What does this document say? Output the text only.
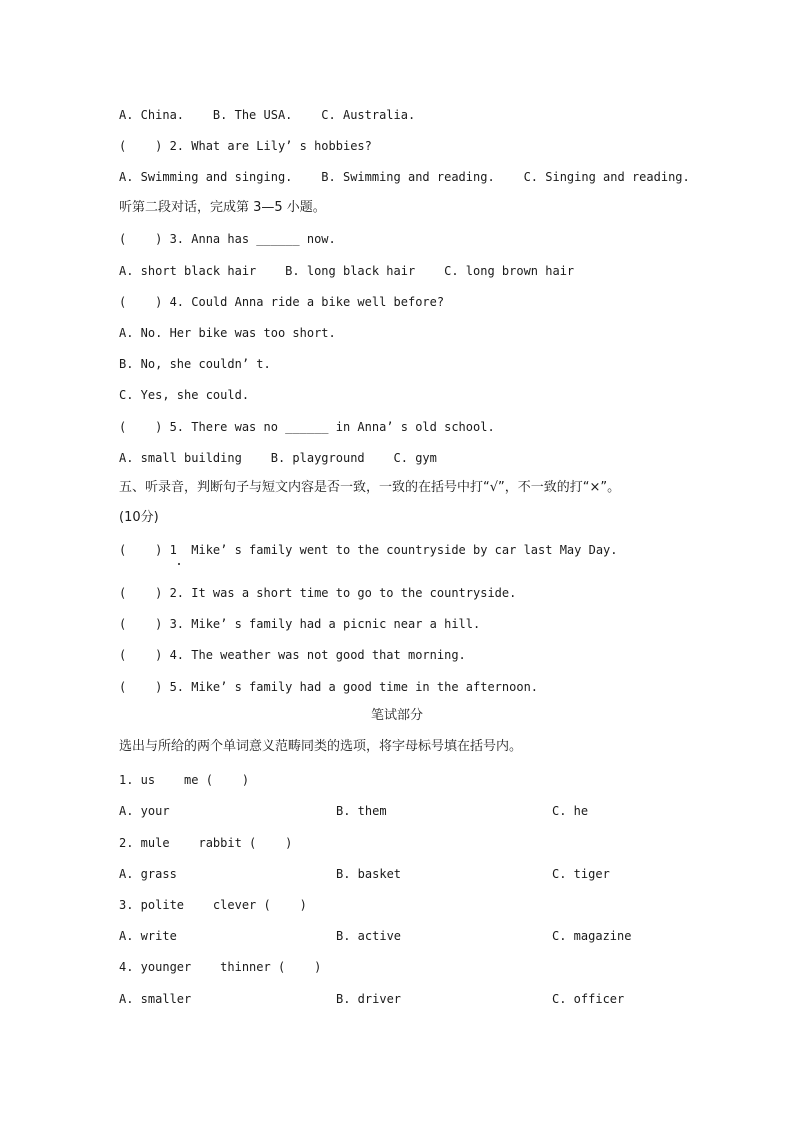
A. China.    B. The USA.    C. Australia.
(    ) 2. What are Lily’ s hobbies?
A. Swimming and singing.    B. Swimming and reading.    C. Singing and reading.
听第二段对话，完成第 3—5 小题。
(    ) 3. Anna has ______ now.
A. short black hair    B. long black hair    C. long brown hair
(    ) 4. Could Anna ride a bike well before?
A. No. Her bike was too short.
B. No, she couldn’ t.
C. Yes, she could.
(    ) 5. There was no ______ in Anna’ s old school.
A. small building    B. playground    C. gym
五、听录音，判断句子与短文内容是否一致，一致的在括号中打“√”，不一致的打“×”。
(10分)
(    ) 1  Mike’ s family went to the countryside by car last May Day.
(    ) 2. It was a short time to go to the countryside.
(    ) 3. Mike’ s family had a picnic near a hill.
(    ) 4. The weather was not good that morning.
(    ) 5. Mike’ s family had a good time in the afternoon.
笔试部分
选出与所给的两个单词意义范畴同类的选项，将字母标号填在括号内。
1. us    me (    )
A. your	B. them	C. he
2. mule    rabbit (    )
A. grass	B. basket	C. tiger
3. polite    clever (    )
A. write	B. active	C. magazine
4. younger    thinner (    )
A. smaller	B. driver	C. officer
